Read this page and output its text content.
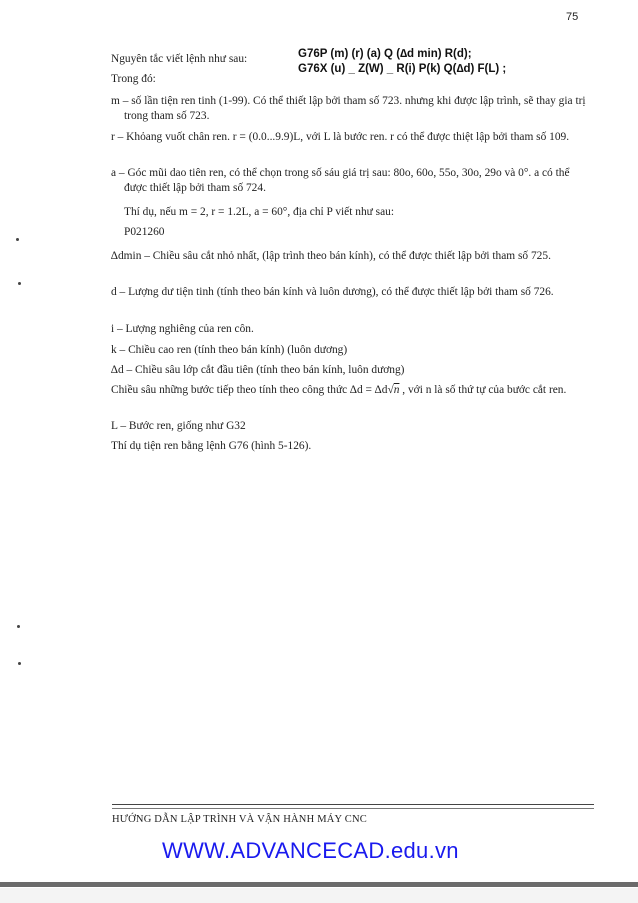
75
Nguyên tắc viết lệnh như sau:
Trong đó:
G76P (m) (r) (a) Q (∆d min) R(d);
G76X (u) _ Z(W) _ R(i) P(k) Q(∆d) F(L) ;

m – số lần tiện ren tinh (1-99). Có thể thiết lập bởi tham số 723. nhưng khi được lập trình, sẽ thay gia trị trong tham số 723.

r – Khỏang vuốt chân ren. r = (0.0...9.9)L, với L là bước ren. r có thể được thiệt lập bởi tham số 109.

a – Góc mũi dao tiên ren, có thể chọn trong số sáu giá trị sau: 80o, 60o, 55o, 30o, 29o và 0°. a có thể được thiết lập bởi tham số 724.

Thí dụ, nếu m = 2, r = 1.2L, a = 60°, địa chỉ P viết như sau:
P021260

∆dmin – Chiều sâu cắt nhỏ nhất, (lập trình theo bán kính), có thể được thiết lập bởi tham số 725.

d – Lượng dư tiện tinh (tính theo bán kính và luôn dương), có thể được thiết lập bởi tham số 726.

i – Lượng nghiêng của ren côn.
k – Chiều cao ren (tính theo bán kính) (luôn dương)
∆d – Chiều sâu lớp cắt đầu tiên (tính theo bán kính, luôn dương)

Chiều sâu những bước tiếp theo tính theo công thức ∆d = ∆d√n , với n là số thứ tự của bước cắt ren.

L – Bước ren, giống như G32
Thí dụ tiện ren bằng lệnh G76 (hình 5-126).
HƯỚNG DẪN LẬP TRÌNH VÀ VẬN HÀNH MÁY CNC
WWW.ADVANCECAD.edu.vn
